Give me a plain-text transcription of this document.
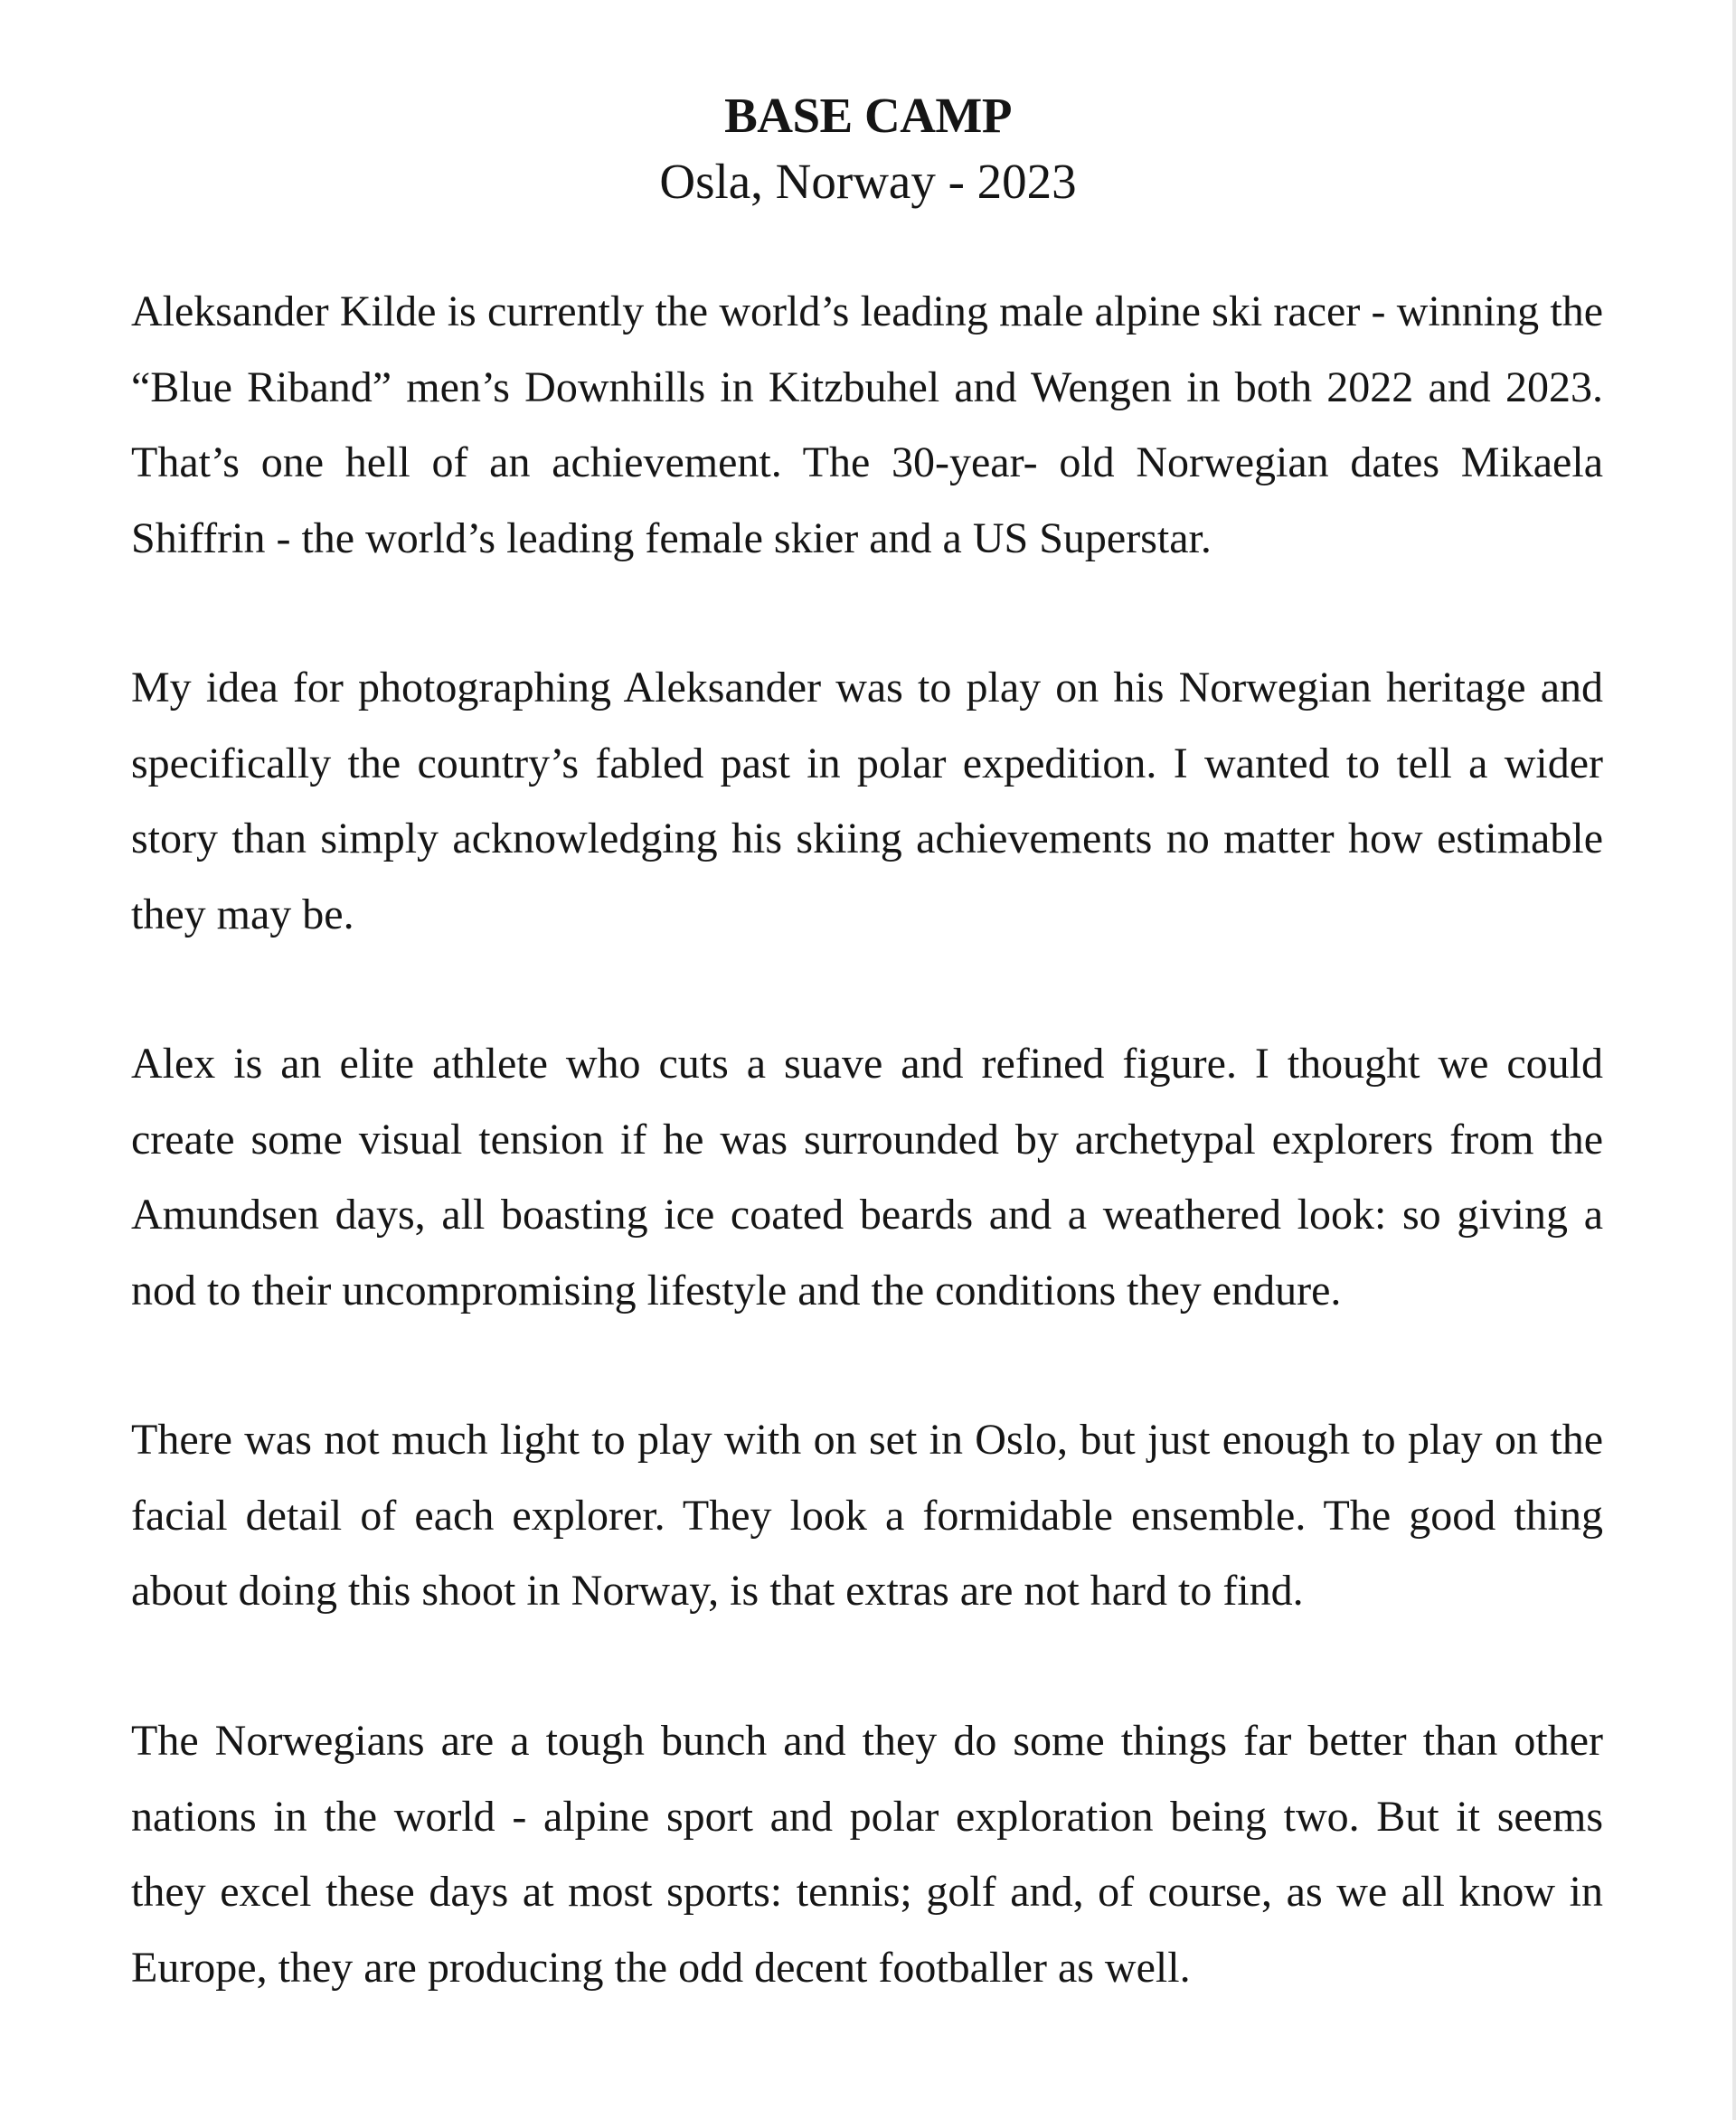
BASE CAMP
Osla, Norway - 2023

Aleksander Kilde is currently the world’s leading male alpine ski racer - winning the “Blue Riband” men’s Downhills in Kitzbuhel and Wengen in both 2022 and 2023. That’s one hell of an achievement. The 30-year- old Norwegian dates Mikaela Shiffrin - the world’s leading female skier and a US Superstar.

My idea for photographing Aleksander was to play on his Norwegian heritage and specifically the country’s fabled past in polar expedition. I wanted to tell a wider story than simply acknowledging his skiing achievements no matter how estimable they may be.

Alex is an elite athlete who cuts a suave and refined figure. I thought we could create some visual tension if he was surrounded by archetypal explorers from the Amundsen days, all boasting ice coated beards and a weathered look: so giving a nod to their uncompromising lifestyle and the conditions they endure.

There was not much light to play with on set in Oslo, but just enough to play on the facial detail of each explorer. They look a formidable ensemble. The good thing about doing this shoot in Norway, is that extras are not hard to find.

The Norwegians are a tough bunch and they do some things far better than other nations in the world - alpine sport and polar exploration being two. But it seems they excel these days at most sports: tennis; golf and, of course, as we all know in Europe, they are producing the odd decent footballer as well.
